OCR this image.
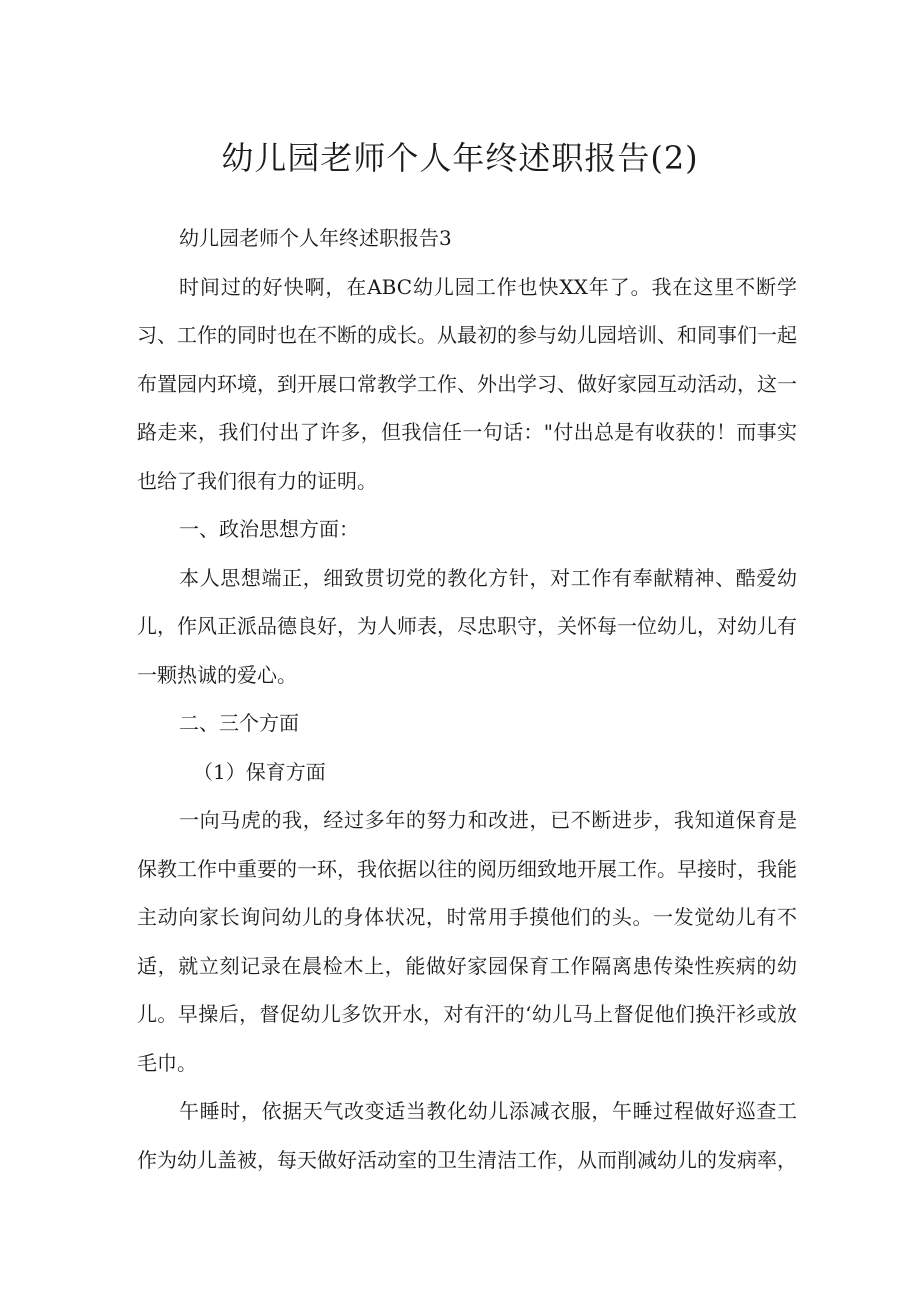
幼儿园老师个人年终述职报告(2)

幼儿园老师个人年终述职报告3

时间过的好快啊，在ABC幼儿园工作也快XX年了。我在这里不断学习、工作的同时也在不断的成长。从最初的参与幼儿园培训、和同事们一起布置园内环境，到开展口常教学工作、外出学习、做好家园互动活动，这一路走来，我们付出了许多，但我信任一句话："付出总是有收获的！而事实也给了我们很有力的证明。

一、政治思想方面：

本人思想端正，细致贯切党的教化方针，对工作有奉献精神、酷爱幼儿，作风正派品德良好，为人师表，尽忠职守，关怀每一位幼儿，对幼儿有一颗热诚的爱心。

二、三个方面

（1）保育方面

一向马虎的我，经过多年的努力和改进，已不断进步，我知道保育是保教工作中重要的一环，我依据以往的阅历细致地开展工作。早接时，我能主动向家长询问幼儿的身体状况，时常用手摸他们的头。一发觉幼儿有不适，就立刻记录在晨检木上，能做好家园保育工作隔离患传染性疾病的幼儿。早操后，督促幼儿多饮开水，对有汗的‘幼儿马上督促他们换汗衫或放毛巾。

午睡时，依据天气改变适当教化幼儿添减衣服，午睡过程做好巡查工作为幼儿盖被，每天做好活动室的卫生清洁工作，从而削减幼儿的发病率，
